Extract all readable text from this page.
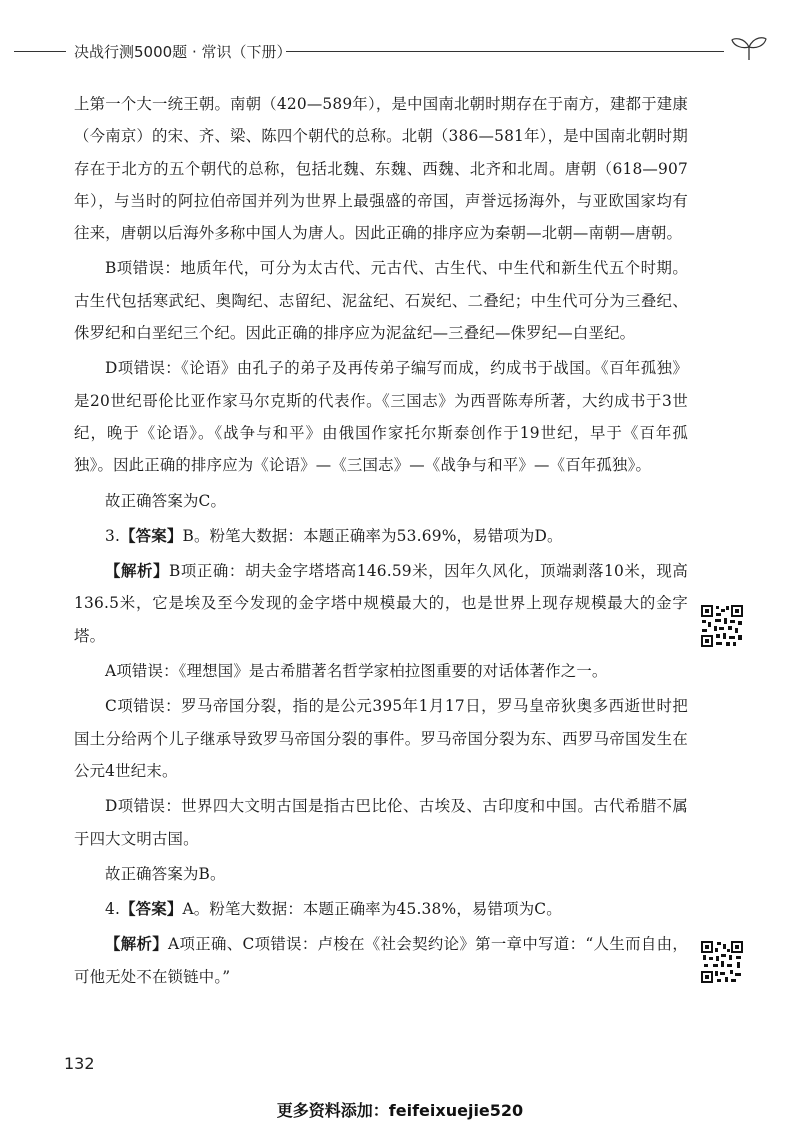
决战行测5000题 · 常识（下册）

上第一个大一统王朝。南朝（420—589年），是中国南北朝时期存在于南方，建都于建康（今南京）的宋、齐、梁、陈四个朝代的总称。北朝（386—581年），是中国南北朝时期存在于北方的五个朝代的总称，包括北魏、东魏、西魏、北齐和北周。唐朝（618—907年），与当时的阿拉伯帝国并列为世界上最强盛的帝国，声誉远扬海外，与亚欧国家均有往来，唐朝以后海外多称中国人为唐人。因此正确的排序应为秦朝—北朝—南朝—唐朝。

B项错误：地质年代，可分为太古代、元古代、古生代、中生代和新生代五个时期。古生代包括寒武纪、奥陶纪、志留纪、泥盆纪、石炭纪、二叠纪；中生代可分为三叠纪、侏罗纪和白垩纪三个纪。因此正确的排序应为泥盆纪—三叠纪—侏罗纪—白垩纪。

D项错误：《论语》由孔子的弟子及再传弟子编写而成，约成书于战国。《百年孤独》是20世纪哥伦比亚作家马尔克斯的代表作。《三国志》为西晋陈寿所著，大约成书于3世纪，晚于《论语》。《战争与和平》由俄国作家托尔斯泰创作于19世纪，早于《百年孤独》。因此正确的排序应为《论语》—《三国志》—《战争与和平》—《百年孤独》。

故正确答案为C。

3.【答案】B。粉笔大数据：本题正确率为53.69%，易错项为D。

【解析】B项正确：胡夫金字塔塔高146.59米，因年久风化，顶端剥落10米，现高136.5米，它是埃及至今发现的金字塔中规模最大的，也是世界上现存规模最大的金字塔。

A项错误：《理想国》是古希腊著名哲学家柏拉图重要的对话体著作之一。

C项错误：罗马帝国分裂，指的是公元395年1月17日，罗马皇帝狄奥多西逝世时把国土分给两个儿子继承导致罗马帝国分裂的事件。罗马帝国分裂为东、西罗马帝国发生在公元4世纪末。

D项错误：世界四大文明古国是指古巴比伦、古埃及、古印度和中国。古代希腊不属于四大文明古国。

故正确答案为B。

4.【答案】A。粉笔大数据：本题正确率为45.38%，易错项为C。

【解析】A项正确、C项错误：卢梭在《社会契约论》第一章中写道：“人生而自由，可他无处不在锁链中。”

132
更多资料添加：feifeixuejie520
